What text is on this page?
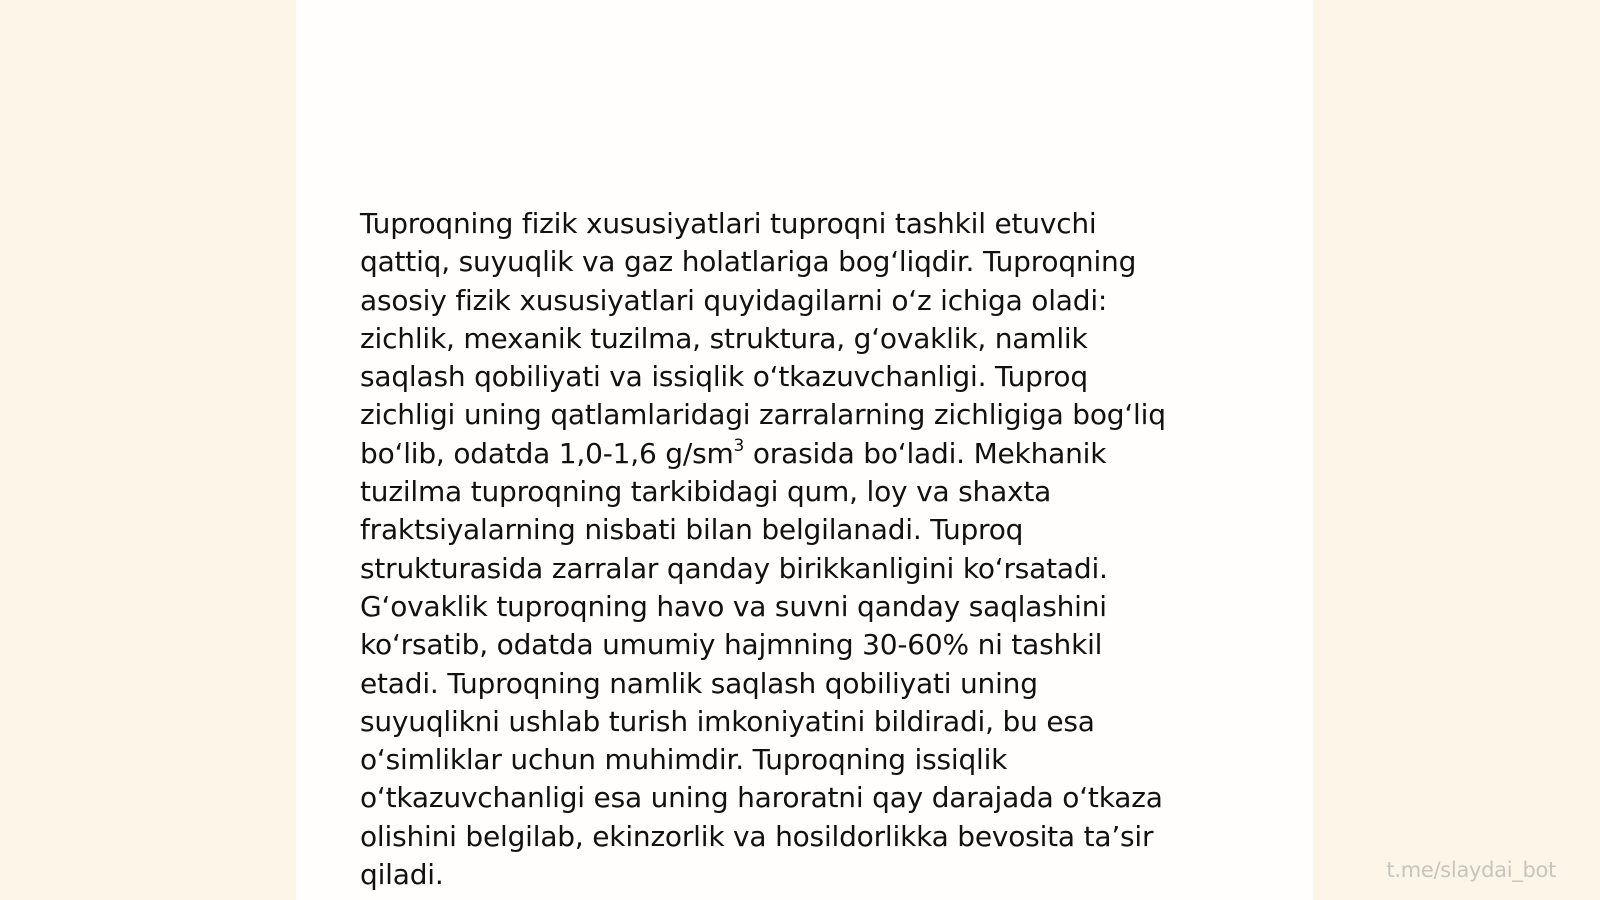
Tuproqning fizik xususiyatlari tuproqni tashkil etuvchi
qattiq, suyuqlik va gaz holatlariga bog‘liqdir. Tuproqning
asosiy fizik xususiyatlari quyidagilarni o‘z ichiga oladi:
zichlik, mexanik tuzilma, struktura, g‘ovaklik, namlik
saqlash qobiliyati va issiqlik o‘tkazuvchanligi. Tuproq
zichligi uning qatlamlaridagi zarralarning zichligiga bog‘liq
bo‘lib, odatda 1,0-1,6 $g/sm^3$ orasida bo‘ladi. Mekhanik
tuzilma tuproqning tarkibidagi qum, loy va shaxta
fraktsiyalarning nisbati bilan belgilanadi. Tuproq
strukturasida zarralar qanday birikkanligini ko‘rsatadi.
G‘ovaklik tuproqning havo va suvni qanday saqlashini
ko‘rsatib, odatda umumiy hajmning 30-60% ni tashkil
etadi. Tuproqning namlik saqlash qobiliyati uning
suyuqlikni ushlab turish imkoniyatini bildiradi, bu esa
o‘simliklar uchun muhimdir. Tuproqning issiqlik
o‘tkazuvchanligi esa uning haroratni qay darajada o‘tkaza
olishini belgilab, ekinzorlik va hosildorlikka bevosita ta’sir
qiladi.	t.me/slaydai_bot
